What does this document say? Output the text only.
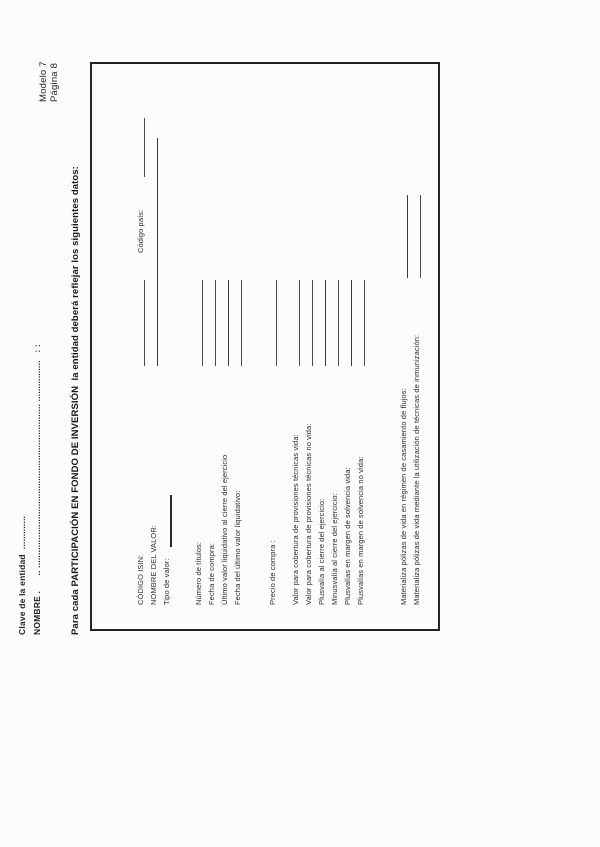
Modelo 7 Página 8
Clave de la entidad  ............. NOMBRE .      .. ................................................................ ................   : :	Para cada PARTICIPACIÓN EN FONDO DE INVERSIÓN  la entidad deberá reflejar los siguientes datos:	CÓDIGO ISIN:
Código país:
NOMBRE DEL VALOR: Tipo de valor:	Número de títulos: Fecha de compra: Último valor liquidativo al cierre del ejercicio Fecha del último valor liquidativo:	Precio de compra : Valor para cobertura de provisiones técnicas vida: Valor para cobertura de provisiones técnicas no vida: Plusvalía al cierre del ejercicio: Minusvalía al cierre del ejercicio: Plusvalías en margen de solvencia vida: Plusvalías en margen de solvencia no vida:	Materializa pólizas de vida en régimen de casamiento de flujos: Materializa pólizas de vida mediante la utilización de técnicas de inmunización:
